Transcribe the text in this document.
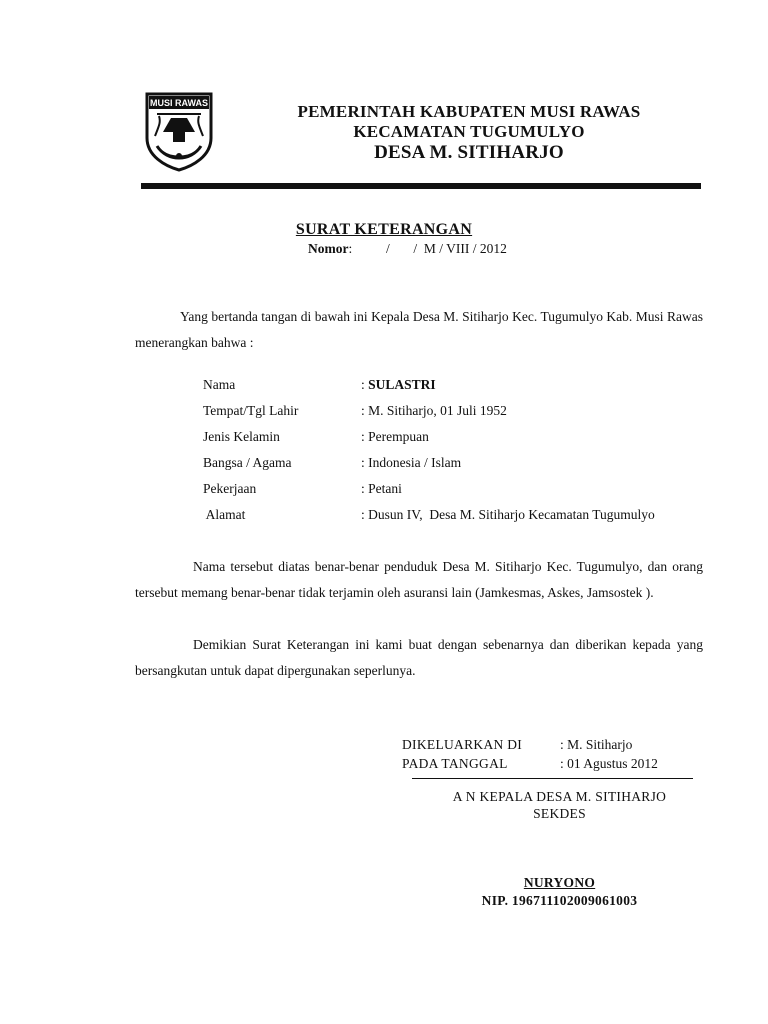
MUSI RAWAS	PEMERINTAH KABUPATEN MUSI RAWAS
KECAMATAN TUGUMULYO
DESA M. SITIHARJO
SURAT KETERANGAN
Nomor:          /       /  M / VIII / 2012
Yang bertanda tangan di bawah ini Kepala Desa M. Sitiharjo Kec. Tugumulyo Kab. Musi Rawas menerangkan bahwa :
Nama	: SULASTRI
Tempat/Tgl Lahir	: M. Sitiharjo, 01 Juli 1952
Jenis Kelamin	: Perempuan
Bangsa / Agama	: Indonesia / Islam
Pekerjaan	: Petani
Alamat	: Dusun IV,  Desa M. Sitiharjo Kecamatan Tugumulyo
Nama tersebut diatas benar-benar penduduk Desa M. Sitiharjo Kec. Tugumulyo, dan orang tersebut memang benar-benar tidak terjamin oleh asuransi lain (Jamkesmas, Askes, Jamsostek ).
Demikian Surat Keterangan ini kami buat dengan sebenarnya dan diberikan kepada yang bersangkutan untuk dapat dipergunakan seperlunya.
DIKELUARKAN DI	: M. Sitiharjo
PADA TANGGAL	: 01 Agustus 2012
A N KEPALA DESA M. SITIHARJO
SEKDES
NURYONO
NIP. 196711102009061003
